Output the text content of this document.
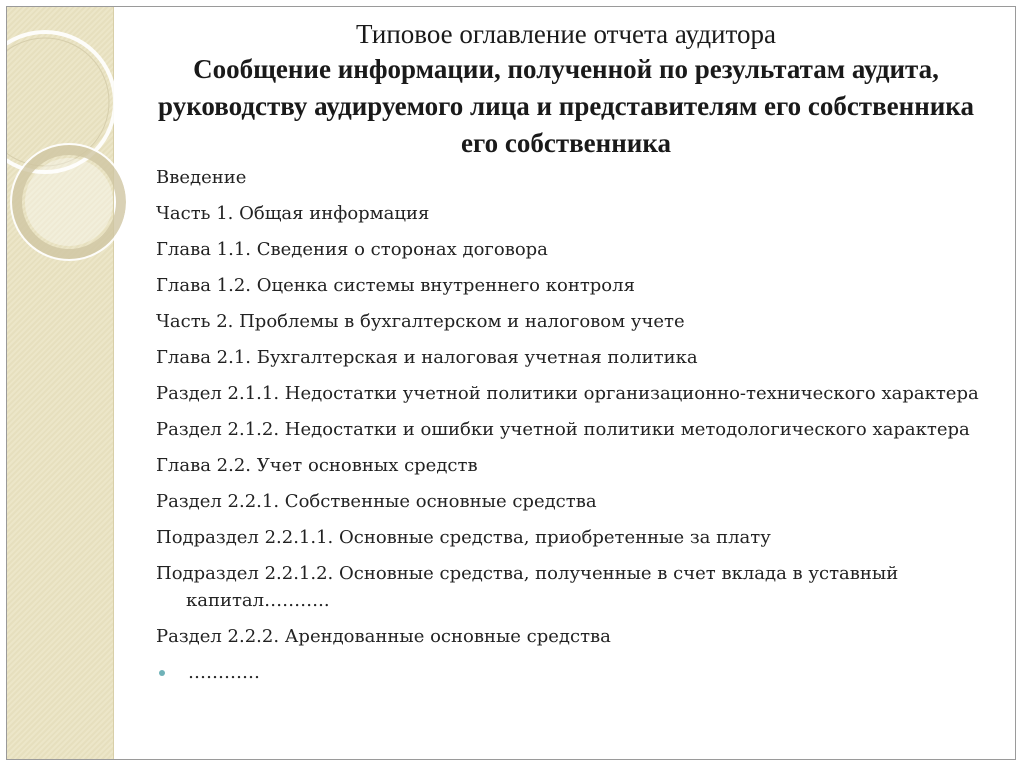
Типовое оглавление отчета аудитора
Сообщение информации, полученной по результатам аудита, руководству аудируемого лица и представителям его собственника его собственника
Введение
Часть 1. Общая информация
Глава 1.1. Сведения о сторонах договора
Глава 1.2. Оценка системы внутреннего контроля
Часть 2. Проблемы в бухгалтерском и налоговом учете
Глава 2.1. Бухгалтерская и налоговая учетная политика
Раздел 2.1.1. Недостатки учетной политики организационно-технического характера
Раздел 2.1.2. Недостатки и ошибки учетной политики методологического характера
Глава 2.2. Учет основных средств
Раздел 2.2.1. Собственные основные средства
Подраздел 2.2.1.1. Основные средства, приобретенные за плату
Подраздел 2.2.1.2. Основные средства, полученные в счет вклада в уставный капитал………..
Раздел 2.2.2. Арендованные основные средства
…………
